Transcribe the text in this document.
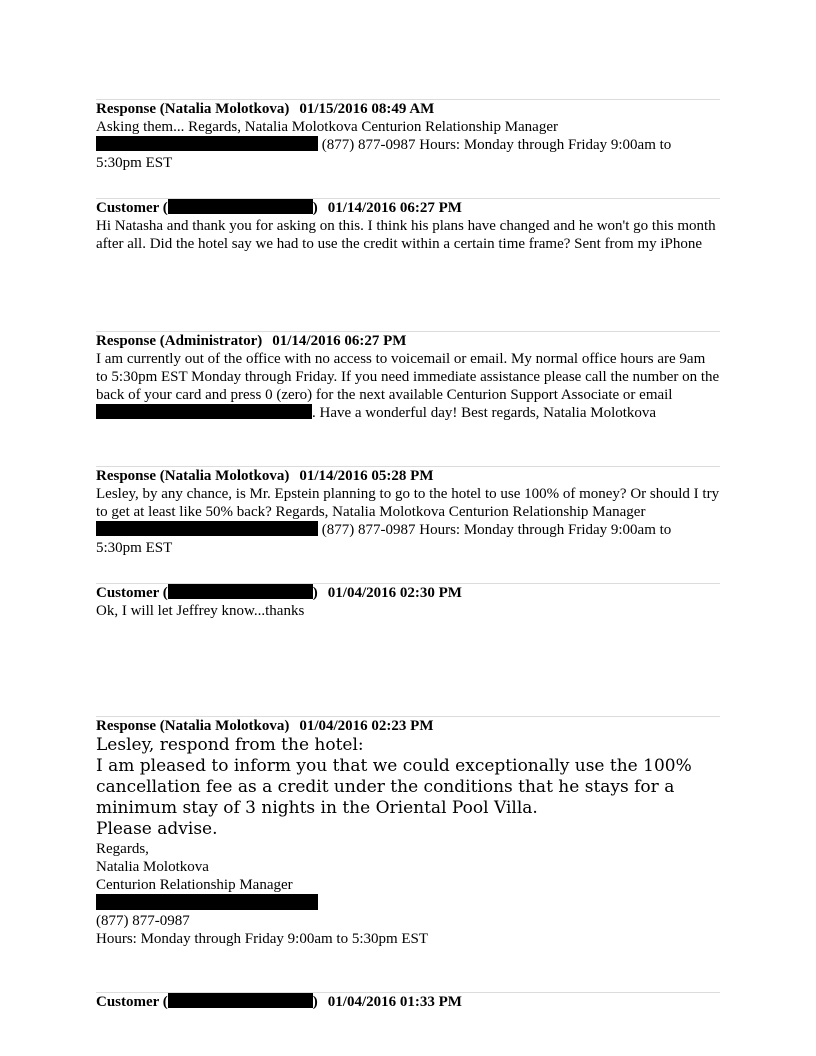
Response (Natalia Molotkova) 01/15/2016 08:49 AM
Asking them... Regards, Natalia Molotkova Centurion Relationship Manager
(877) 877-0987 Hours: Monday through Friday 9:00am to
5:30pm EST
Customer (	) 01/14/2016 06:27 PM
Hi Natasha and thank you for asking on this. I think his plans have changed and he won't go this month after all. Did the hotel say we had to use the credit within a certain time frame? Sent from my iPhone
Response (Administrator) 01/14/2016 06:27 PM
I am currently out of the office with no access to voicemail or email. My normal office hours are 9am to 5:30pm EST Monday through Friday. If you need immediate assistance please call the number on the back of your card and press 0 (zero) for the next available Centurion Support Associate or email . Have a wonderful day! Best regards, Natalia Molotkova
Response (Natalia Molotkova) 01/14/2016 05:28 PM
Lesley, by any chance, is Mr. Epstein planning to go to the hotel to use 100% of money? Or should I try to get at least like 50% back? Regards, Natalia Molotkova Centurion Relationship Manager  (877) 877-0987 Hours: Monday through Friday 9:00am to 5:30pm EST
Customer (	) 01/04/2016 02:30 PM
Ok, I will let Jeffrey know...thanks
Response (Natalia Molotkova) 01/04/2016 02:23 PM
Lesley, respond from the hotel:
I am pleased to inform you that we could exceptionally use the 100% cancellation fee as a credit under the conditions that he stays for a minimum stay of 3 nights in the Oriental Pool Villa.
Please advise.
Regards,
Natalia Molotkova
Centurion Relationship Manager
(877) 877-0987
Hours: Monday through Friday 9:00am to 5:30pm EST
Customer (	) 01/04/2016 01:33 PM
